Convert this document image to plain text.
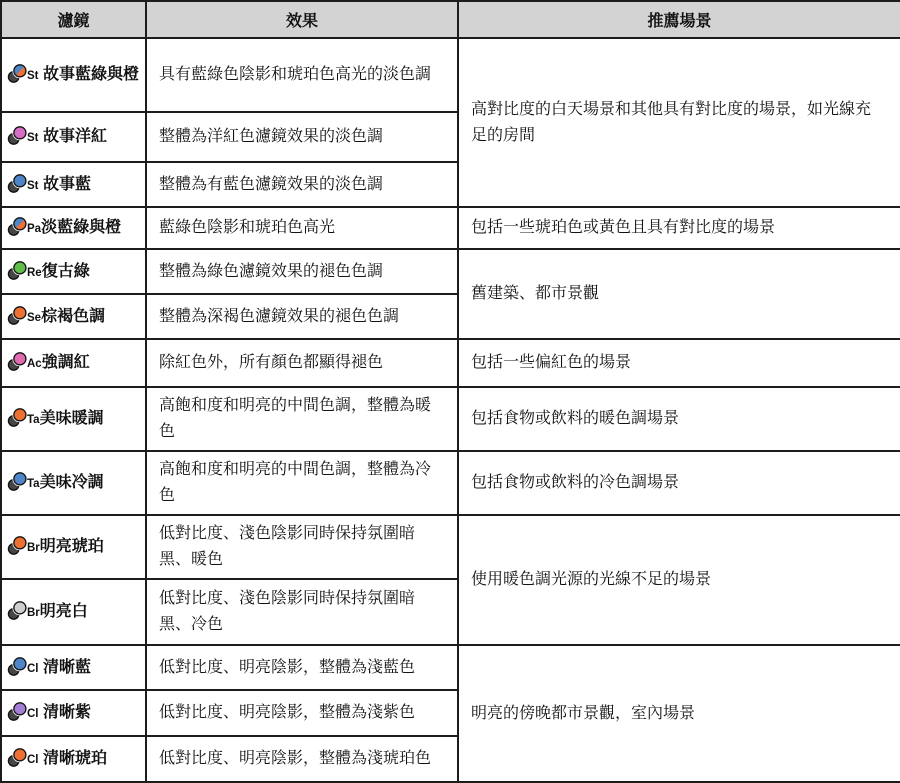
濾鏡	效果	推薦場景
St 故事藍綠與橙	具有藍綠色陰影和琥珀色高光的淡色調	高對比度的白天場景和其他具有對比度的場景，如光線充足的房間
St 故事洋紅	整體為洋紅色濾鏡效果的淡色調	
St 故事藍	整體為有藍色濾鏡效果的淡色調	
Pa淡藍綠與橙	藍綠色陰影和琥珀色高光	包括一些琥珀色或黃色且具有對比度的場景
Re復古綠	整體為綠色濾鏡效果的褪色色調	舊建築、都市景觀
Se棕褐色調	整體為深褐色濾鏡效果的褪色色調	
Ac強調紅	除紅色外，所有顏色都顯得褪色	包括一些偏紅色的場景
Ta美味暖調	高飽和度和明亮的中間色調，整體為暖色	包括食物或飲料的暖色調場景
Ta美味冷調	高飽和度和明亮的中間色調，整體為冷色	包括食物或飲料的冷色調場景
Br明亮琥珀	低對比度、淺色陰影同時保持氛圍暗黑、暖色	使用暖色調光源的光線不足的場景
Br明亮白	低對比度、淺色陰影同時保持氛圍暗黑、冷色	
Cl 清晰藍	低對比度、明亮陰影，整體為淺藍色	明亮的傍晚都市景觀，室內場景
Cl 清晰紫	低對比度、明亮陰影，整體為淺紫色	
Cl 清晰琥珀	低對比度、明亮陰影，整體為淺琥珀色	
